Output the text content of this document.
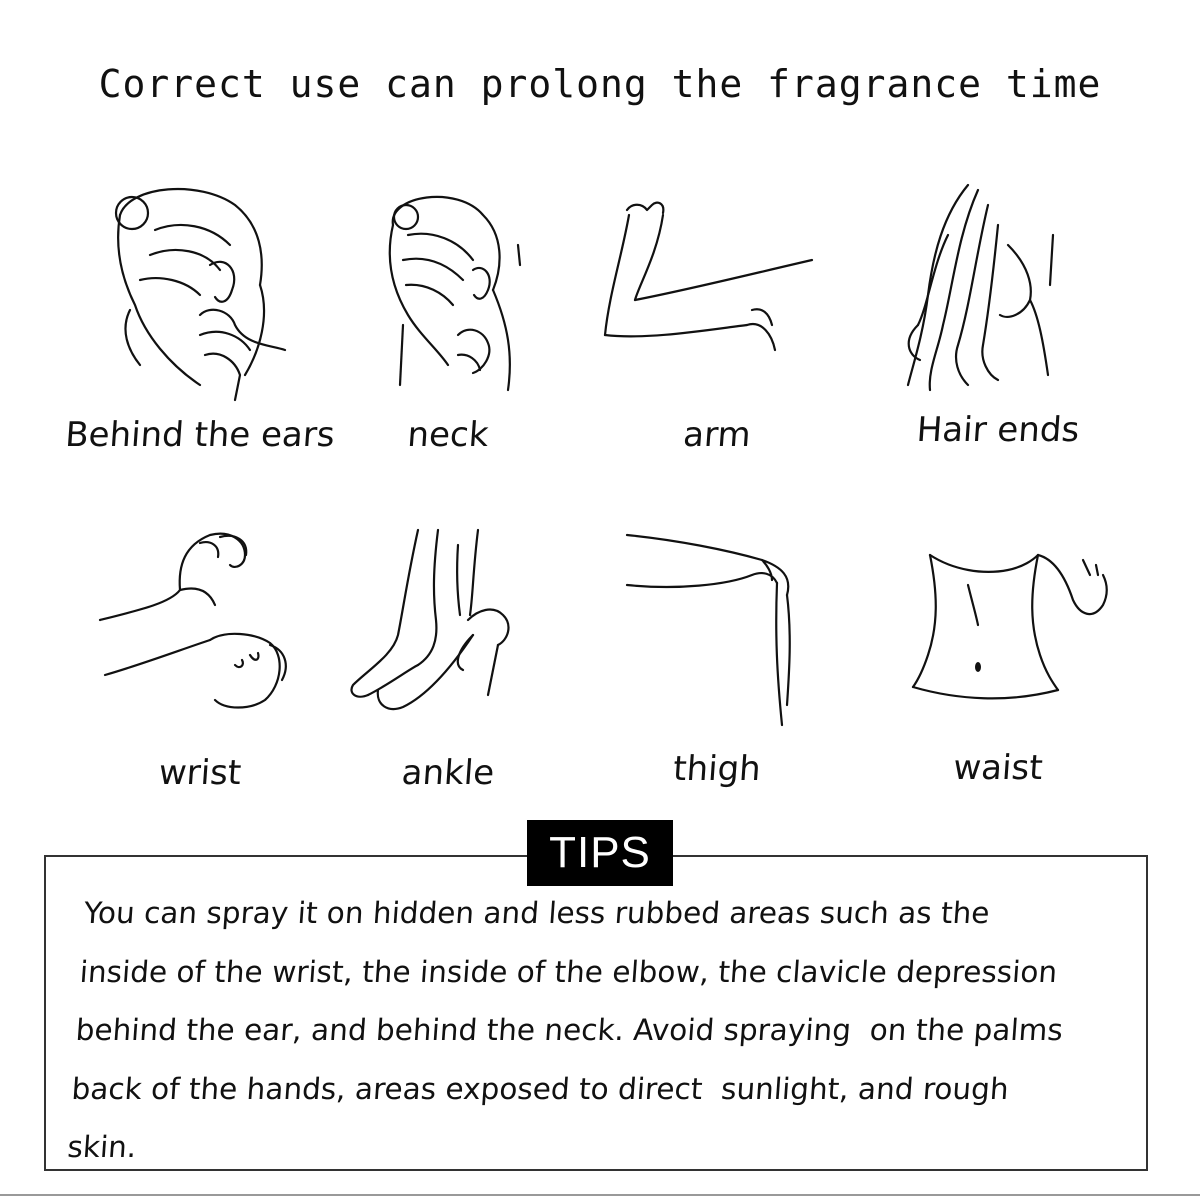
Correct use can prolong the fragrance time
Behind the ears	neck	arm	Hair ends
wrist	ankle	thigh	waist
TIPS
You can spray it on hidden and less rubbed areas such as the
inside of the wrist, the inside of the elbow, the clavicle depression
behind the ear, and behind the neck. Avoid spraying  on the palms
back of the hands, areas exposed to direct  sunlight, and rough
skin.
